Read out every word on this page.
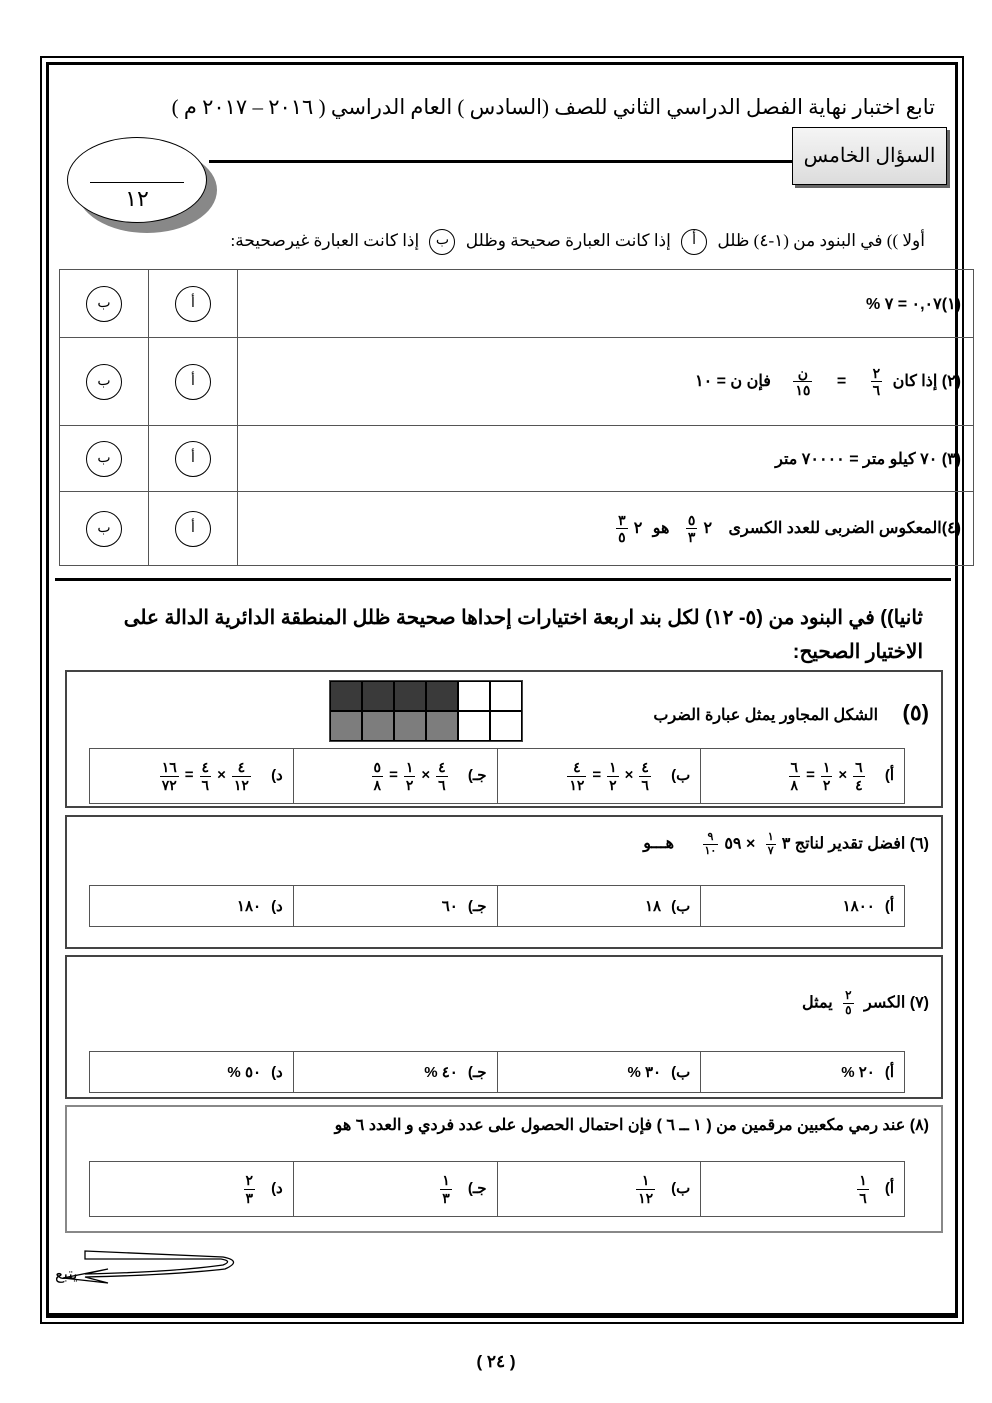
تابع اختبار نهاية الفصل الدراسي الثاني للصف (السادس ) العام الدراسي ( ٢٠١٦ – ٢٠١٧ م )
السؤال الخامس
١٢
أولا )) في البنود من (١-٤) ظلل أ إذا كانت العبارة صحيحة وظلل ب إذا كانت العبارة غيرصحيحة:
(١)٠,٠٧ = ٧ %	أ	ب
(٢) إذا كان
$\frac{٢}{٦}$
=
$\frac{\text{ن}}{١٥}$
فإن ن = ١٠	أ	ب
(٣) ٧٠ كيلو متر = ٧٠٠٠٠ متر	أ	ب
(٤)المعكوس الضربى للعدد الكسرى ٢
$\frac{٥}{٣}$
هو ٢
$\frac{٣}{٥}$
	أ	ب
ثانيا)) في البنود من (٥- ١٢) لكل بند اربعة اختيارات إحداها صحيحة ظلل المنطقة الدائرية الدالة على الاختيار الصحيح:
(٥) الشكل المجاور يمثل عبارة الضرب
أ)
$\frac{٦}{٤}$
×
$\frac{١}{٢}$
=
$\frac{٦}{٨}$
	ب)
$\frac{٤}{٦}$
×
$\frac{١}{٢}$
=
$\frac{٤}{١٢}$
	جـ)
$\frac{٤}{٦}$
×
$\frac{١}{٢}$
=
$\frac{٥}{٨}$
	د)
$\frac{٤}{١٢}$
×
$\frac{٤}{٦}$
=
$\frac{١٦}{٧٢}$
(٦) افضل تقدير لناتج ٣
$\frac{١}{٧}$
× ٥٩
$\frac{٩}{١٠}$
هـــو
أ)١٨٠٠	ب)١٨	جـ)٦٠	د)١٨٠
(٧) الكسر
$\frac{٢}{٥}$
يمثل
أ)٢٠ %	ب)٣٠ %	جـ)٤٠ %	د)٥٠ %
(٨) عند رمي مكعبين مرقمين من ( ١ ــ ٦ ) فإن احتمال الحصول على عدد فردي و العدد ٦ هو
أ)
$\frac{١}{٦}$
	ب)
$\frac{١}{١٢}$
	جـ)
$\frac{١}{٣}$
	د)
$\frac{٢}{٣}$
يتبع
( ٢٤ )
